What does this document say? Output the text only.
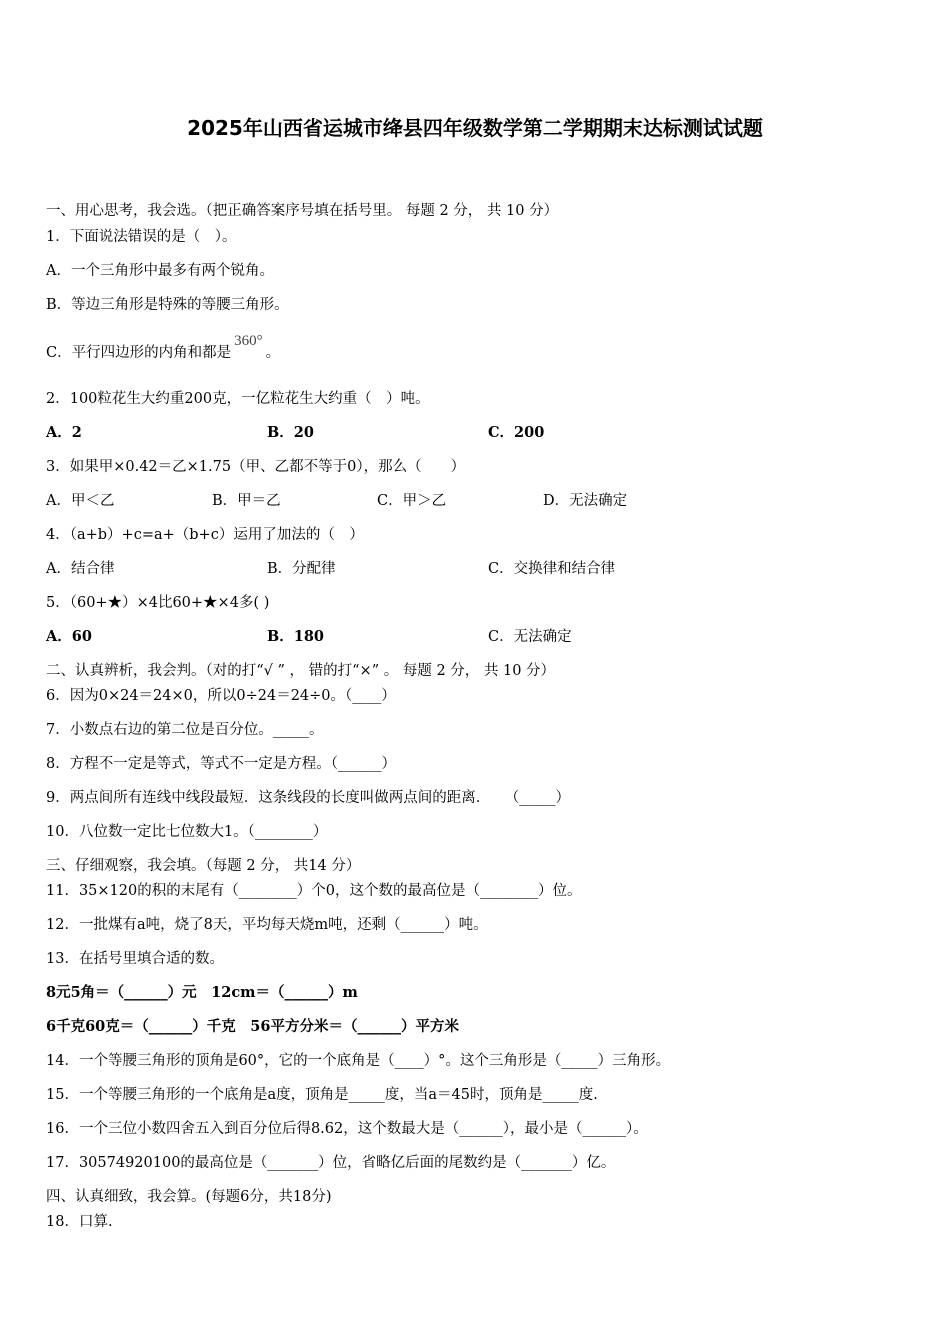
2025年山西省运城市绛县四年级数学第二学期期末达标测试试题
一、用心思考，我会选。（把正确答案序号填在括号里。 每题 2 分， 共 10 分）
1．下面说法错误的是（　）。
A．一个三角形中最多有两个锐角。
B．等边三角形是特殊的等腰三角形。
C．平行四边形的内角和都是360°。
2．100粒花生大约重200克，一亿粒花生大约重（　）吨。
A．2	B．20	C．200
3．如果甲×0.42＝乙×1.75（甲、乙都不等于0），那么（　　）
A．甲＜乙	B．甲＝乙	C．甲＞乙	D．无法确定
4．（a+b）+c=a+（b+c）运用了加法的（　）
A．结合律	B．分配律	C．交换律和结合律
5．（60+★）×4比60+★×4多( )
A．60	B．180	C．无法确定
二、认真辨析，我会判。（对的打“√ ” ， 错的打“×” 。 每题 2 分， 共 10 分）
6．因为0×24＝24×0，所以0÷24＝24÷0。（____）
7．小数点右边的第二位是百分位。_____。
8．方程不一定是等式，等式不一定是方程。（______）
9．两点间所有连线中线段最短．这条线段的长度叫做两点间的距离．　　（_____）
10．八位数一定比七位数大1。（________）
三、仔细观察，我会填。（每题 2 分， 共14 分）
11．35×120的积的末尾有（________）个0，这个数的最高位是（________）位。
12．一批煤有a吨，烧了8天，平均每天烧m吨，还剩（______）吨。
13．在括号里填合适的数。
8元5角＝（______）元　12cm＝（______）m
6千克60克＝（______）千克　56平方分米＝（______）平方米
14．一个等腰三角形的顶角是60°，它的一个底角是（____）°。这个三角形是（_____）三角形。
15．一个等腰三角形的一个底角是a度，顶角是_____度，当a＝45时，顶角是_____度.
16．一个三位小数四舍五入到百分位后得8.62，这个数最大是（______），最小是（______）。
17．30574920100的最高位是（_______）位，省略亿后面的尾数约是（_______）亿。
四、认真细致，我会算。(每题6分，共18分)
18．口算.
